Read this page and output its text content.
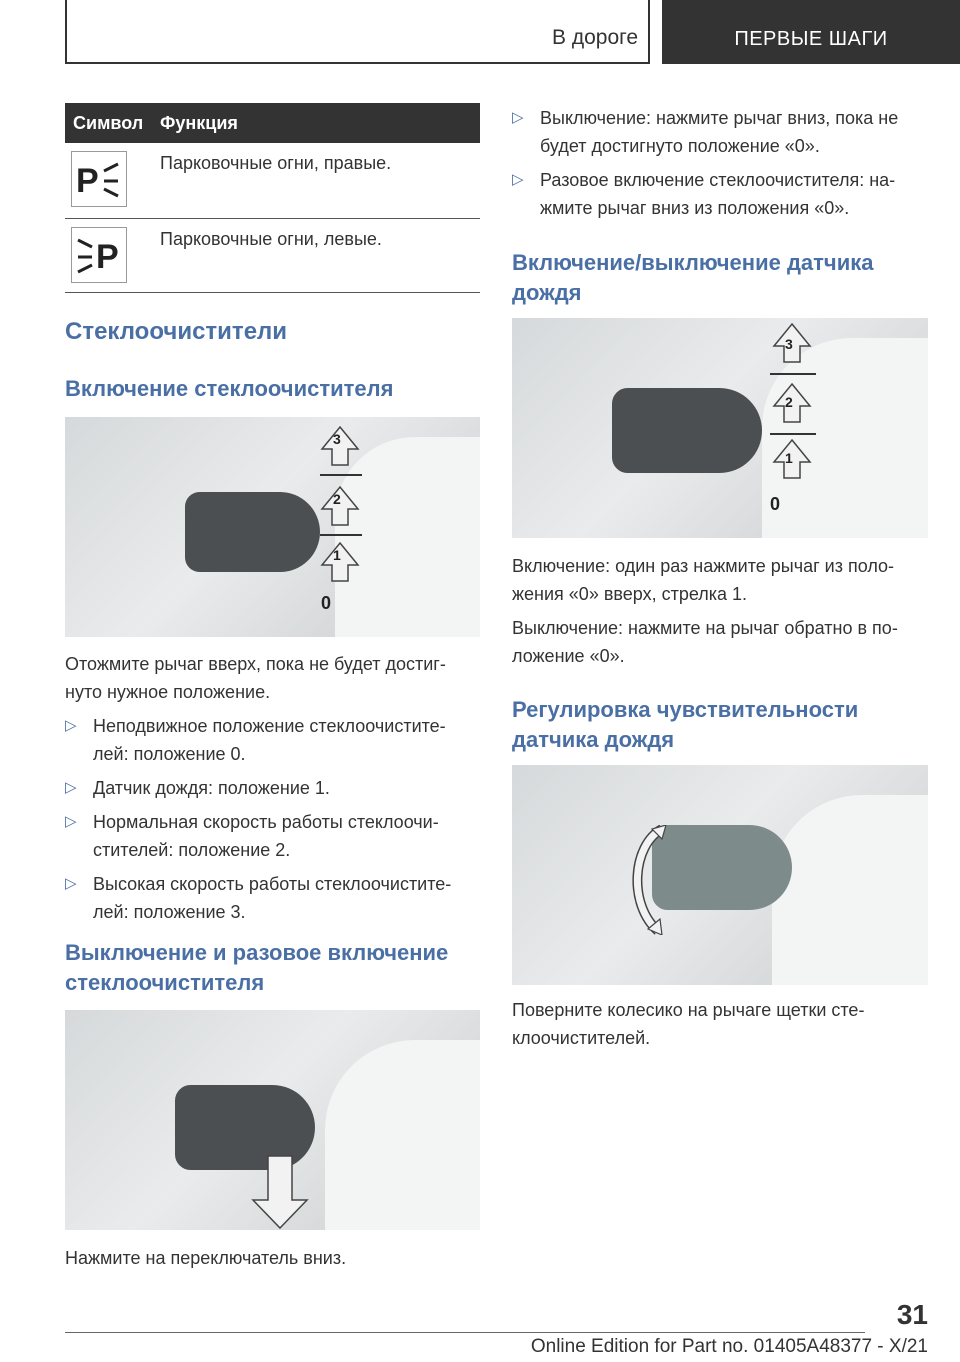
В дороге	ПЕРВЫЕ ШАГИ
Символ Функция
P	Парковочные огни, правые.
P Парковочные огни, левые.
Стеклоочистители
Включение стеклоочистителя
3
2
1
0
Отожмите рычаг вверх, пока не будет достиг-нуто нужное положение.
▷ Неподвижное положение стеклоочистите-лей: положение 0.
▷ Датчик дождя: положение 1.
▷ Нормальная скорость работы стеклоочи-стителей: положение 2.
▷ Высокая скорость работы стеклоочистите-лей: положение 3.
Выключение и разовое включение стеклоочистителя
Нажмите на переключатель вниз.
▷ Выключение: нажмите рычаг вниз, пока не будет достигнуто положение «0».
▷ Разовое включение стеклоочистителя: на-жмите рычаг вниз из положения «0».
Включение/выключение датчика дождя
3
2
1
0
Включение: один раз нажмите рычаг из поло-жения «0» вверх, стрелка 1.
Выключение: нажмите на рычаг обратно в по-ложение «0».
Регулировка чувствительности датчика дождя
Поверните колесико на рычаге щетки сте-клоочистителей.
31
Online Edition for Part no. 01405A48377 - X/21
